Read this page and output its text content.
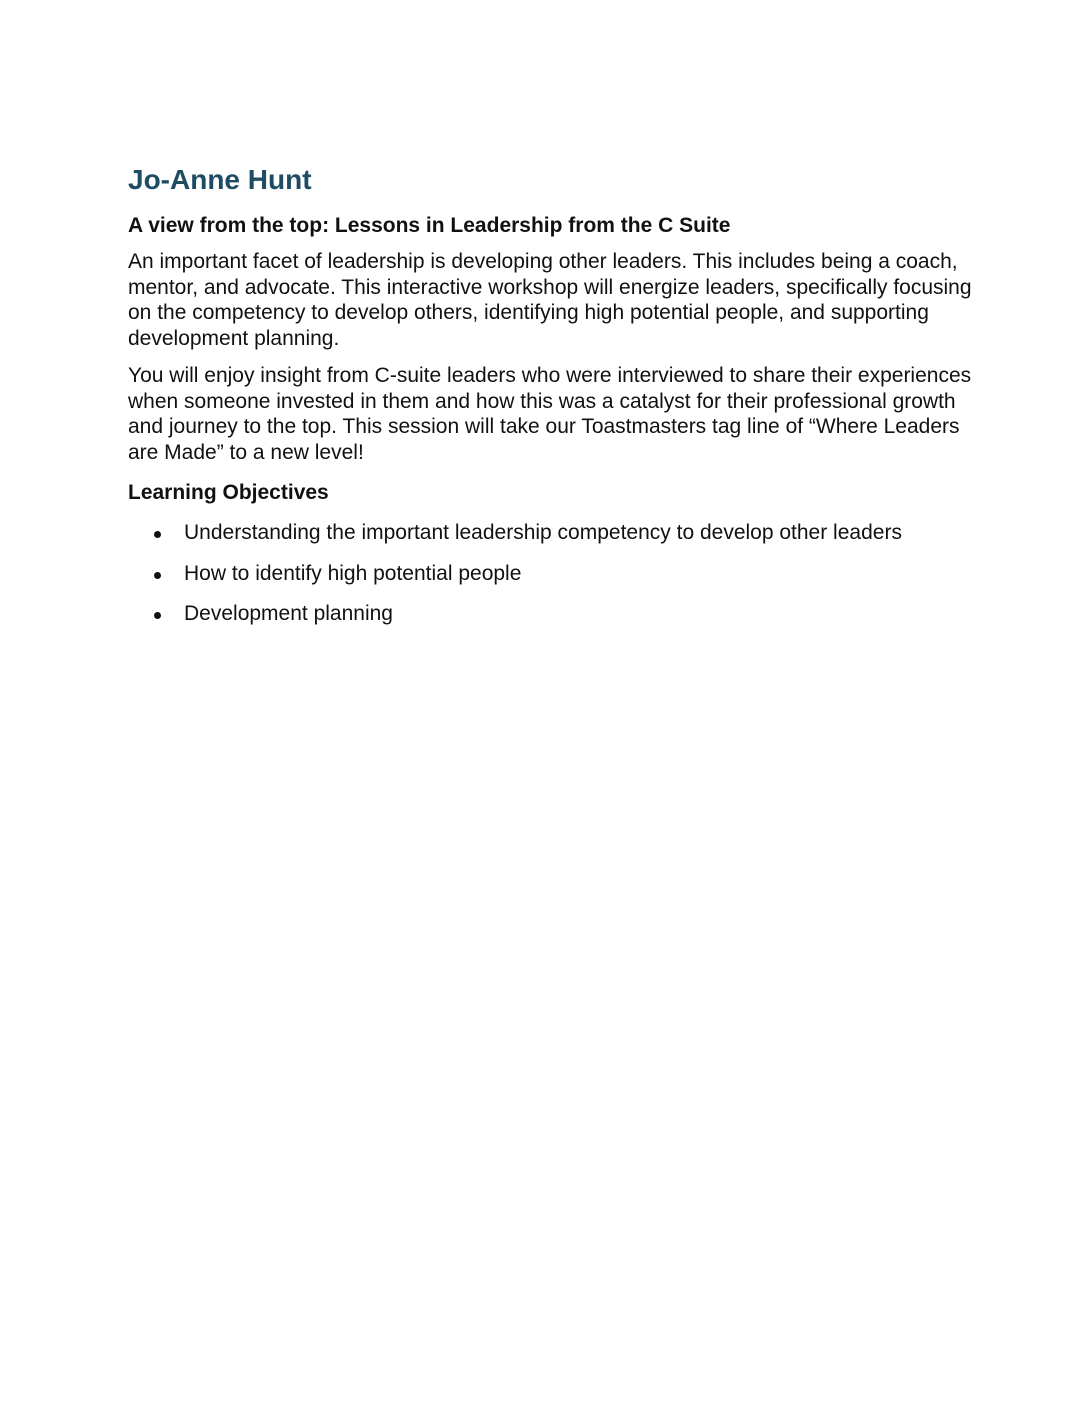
Jo-Anne Hunt
A view from the top: Lessons in Leadership from the C Suite

An important facet of leadership is developing other leaders. This includes being a coach, mentor, and advocate. This interactive workshop will energize leaders, specifically focusing on the competency to develop others, identifying high potential people, and supporting development planning.

You will enjoy insight from C-suite leaders who were interviewed to share their experiences when someone invested in them and how this was a catalyst for their professional growth and journey to the top. This session will take our Toastmasters tag line of “Where Leaders are Made” to a new level!

Learning Objectives
Understanding the important leadership competency to develop other leaders
How to identify high potential people
Development planning
